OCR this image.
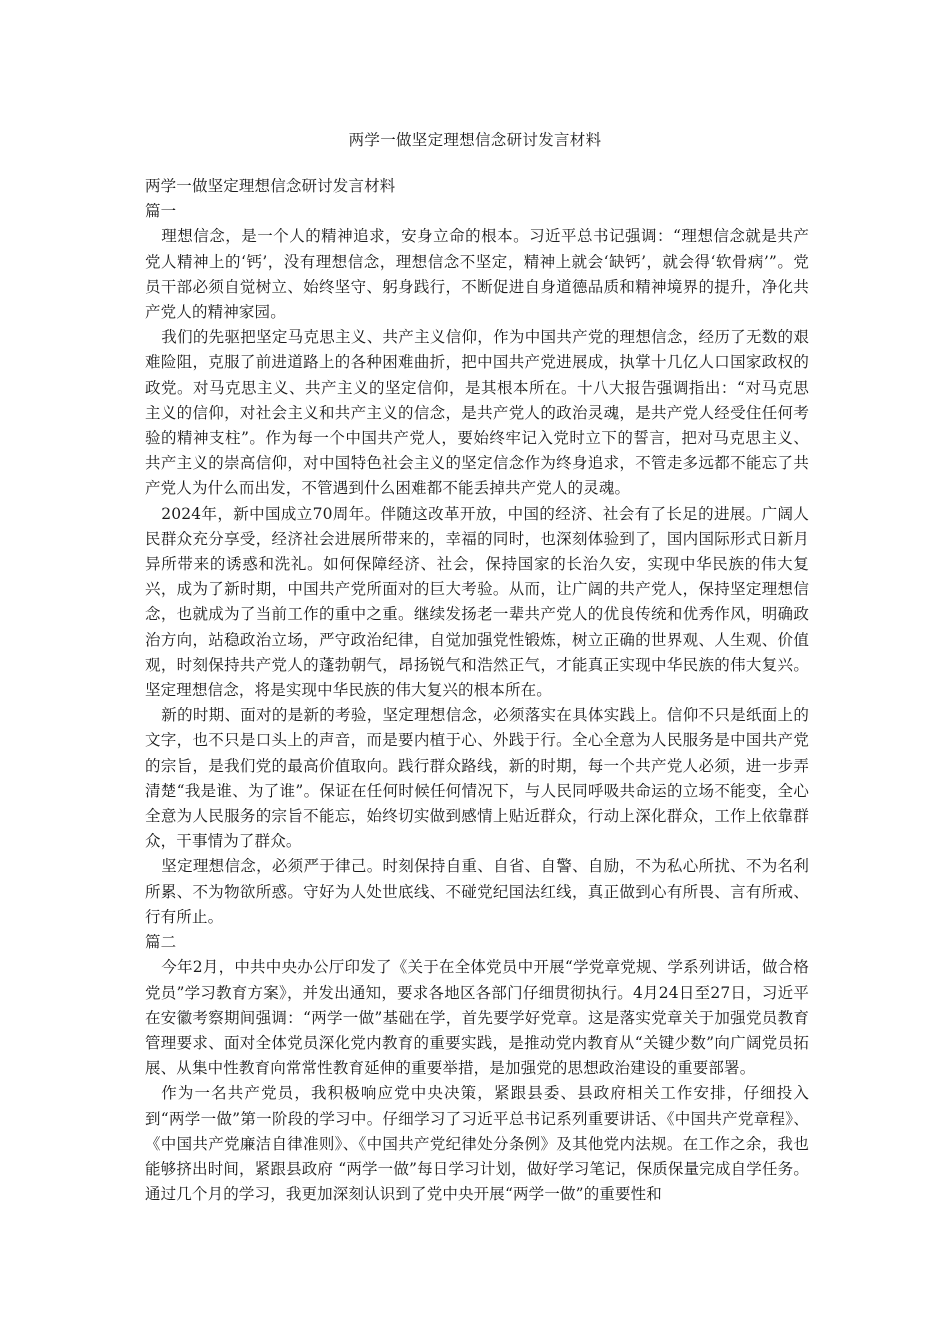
两学一做坚定理想信念研讨发言材料

两学一做坚定理想信念研讨发言材料

篇一

理想信念，是一个人的精神追求，安身立命的根本。习近平总书记强调：“理想信念就是共产党人精神上的‘钙’，没有理想信念，理想信念不坚定，精神上就会‘缺钙’，就会得‘软骨病’”。党员干部必须自觉树立、始终坚守、躬身践行，不断促进自身道德品质和精神境界的提升，净化共产党人的精神家园。

我们的先驱把坚定马克思主义、共产主义信仰，作为中国共产党的理想信念，经历了无数的艰难险阻，克服了前进道路上的各种困难曲折，把中国共产党进展成，执掌十几亿人口国家政权的政党。对马克思主义、共产主义的坚定信仰，是其根本所在。十八大报告强调指出：“对马克思主义的信仰，对社会主义和共产主义的信念，是共产党人的政治灵魂，是共产党人经受住任何考验的精神支柱”。作为每一个中国共产党人，要始终牢记入党时立下的誓言，把对马克思主义、共产主义的崇高信仰，对中国特色社会主义的坚定信念作为终身追求，不管走多远都不能忘了共产党人为什么而出发，不管遇到什么困难都不能丢掉共产党人的灵魂。

2024年，新中国成立70周年。伴随这改革开放，中国的经济、社会有了长足的进展。广阔人民群众充分享受，经济社会进展所带来的，幸福的同时，也深刻体验到了，国内国际形式日新月异所带来的诱惑和洗礼。如何保障经济、社会，保持国家的长治久安，实现中华民族的伟大复兴，成为了新时期，中国共产党所面对的巨大考验。从而，让广阔的共产党人，保持坚定理想信念，也就成为了当前工作的重中之重。继续发扬老一辈共产党人的优良传统和优秀作风，明确政治方向，站稳政治立场，严守政治纪律，自觉加强党性锻炼，树立正确的世界观、人生观、价值观，时刻保持共产党人的蓬勃朝气，昂扬锐气和浩然正气，才能真正实现中华民族的伟大复兴。坚定理想信念，将是实现中华民族的伟大复兴的根本所在。

新的时期、面对的是新的考验，坚定理想信念，必须落实在具体实践上。信仰不只是纸面上的文字，也不只是口头上的声音，而是要内植于心、外践于行。全心全意为人民服务是中国共产党的宗旨，是我们党的最高价值取向。践行群众路线，新的时期，每一个共产党人必须，进一步弄清楚“我是谁、为了谁”。保证在任何时候任何情况下，与人民同呼吸共命运的立场不能变，全心全意为人民服务的宗旨不能忘，始终切实做到感情上贴近群众，行动上深化群众，工作上依靠群众，干事情为了群众。

坚定理想信念，必须严于律己。时刻保持自重、自省、自警、自励，不为私心所扰、不为名利所累、不为物欲所惑。守好为人处世底线、不碰党纪国法红线，真正做到心有所畏、言有所戒、行有所止。

篇二

今年2月，中共中央办公厅印发了《关于在全体党员中开展“学党章党规、学系列讲话，做合格党员”学习教育方案》，并发出通知，要求各地区各部门仔细贯彻执行。4月24日至27日，习近平在安徽考察期间强调：“两学一做”基础在学，首先要学好党章。这是落实党章关于加强党员教育管理要求、面对全体党员深化党内教育的重要实践，是推动党内教育从“关键少数”向广阔党员拓展、从集中性教育向常常性教育延伸的重要举措，是加强党的思想政治建设的重要部署。

作为一名共产党员，我积极响应党中央决策，紧跟县委、县政府相关工作安排，仔细投入到“两学一做”第一阶段的学习中。仔细学习了习近平总书记系列重要讲话、《中国共产党章程》、《中国共产党廉洁自律准则》、《中国共产党纪律处分条例》及其他党内法规。在工作之余，我也能够挤出时间，紧跟县政府 “两学一做”每日学习计划，做好学习笔记，保质保量完成自学任务。通过几个月的学习，我更加深刻认识到了党中央开展“两学一做”的重要性和
